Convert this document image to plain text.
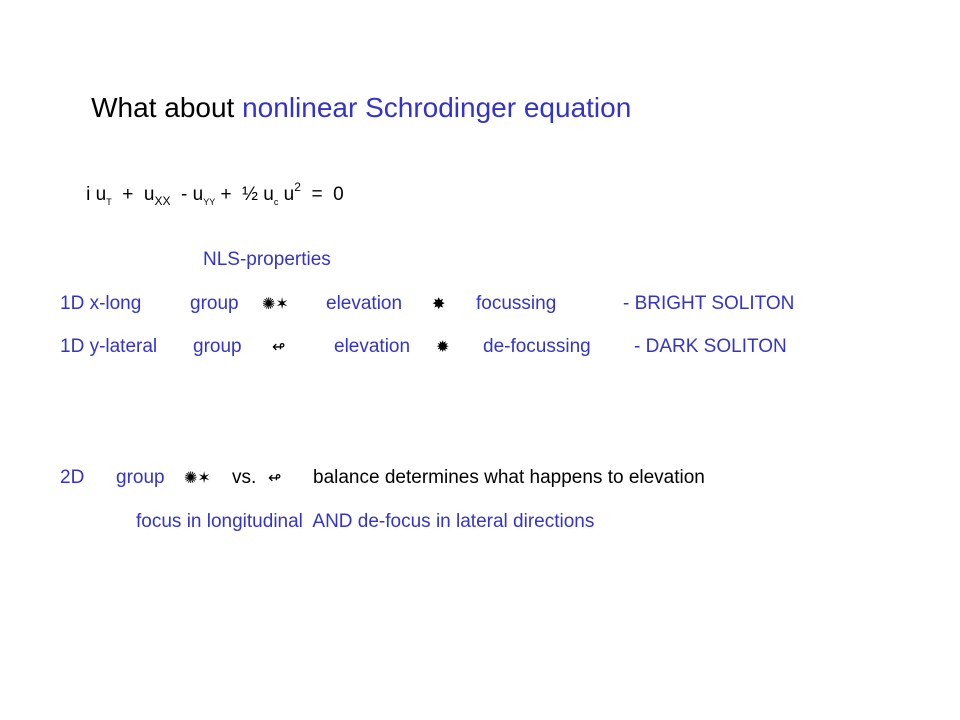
What about nonlinear Schrodinger equation

i $u_T + u_{XX} - u_{YY}$ +  ½ $u_c$ $u^2 = 0$

NLS-properties
1D x-long	group ✺✶ elevation ✸ focussing	- BRIGHT SOLITON
1D y-lateral group ↫	elevation ✹ de-focussing - DARK SOLITON
2D group ✺✶ vs. ↫ balance determines what happens to elevation
focus in longitudinal  AND de-focus in lateral directions
